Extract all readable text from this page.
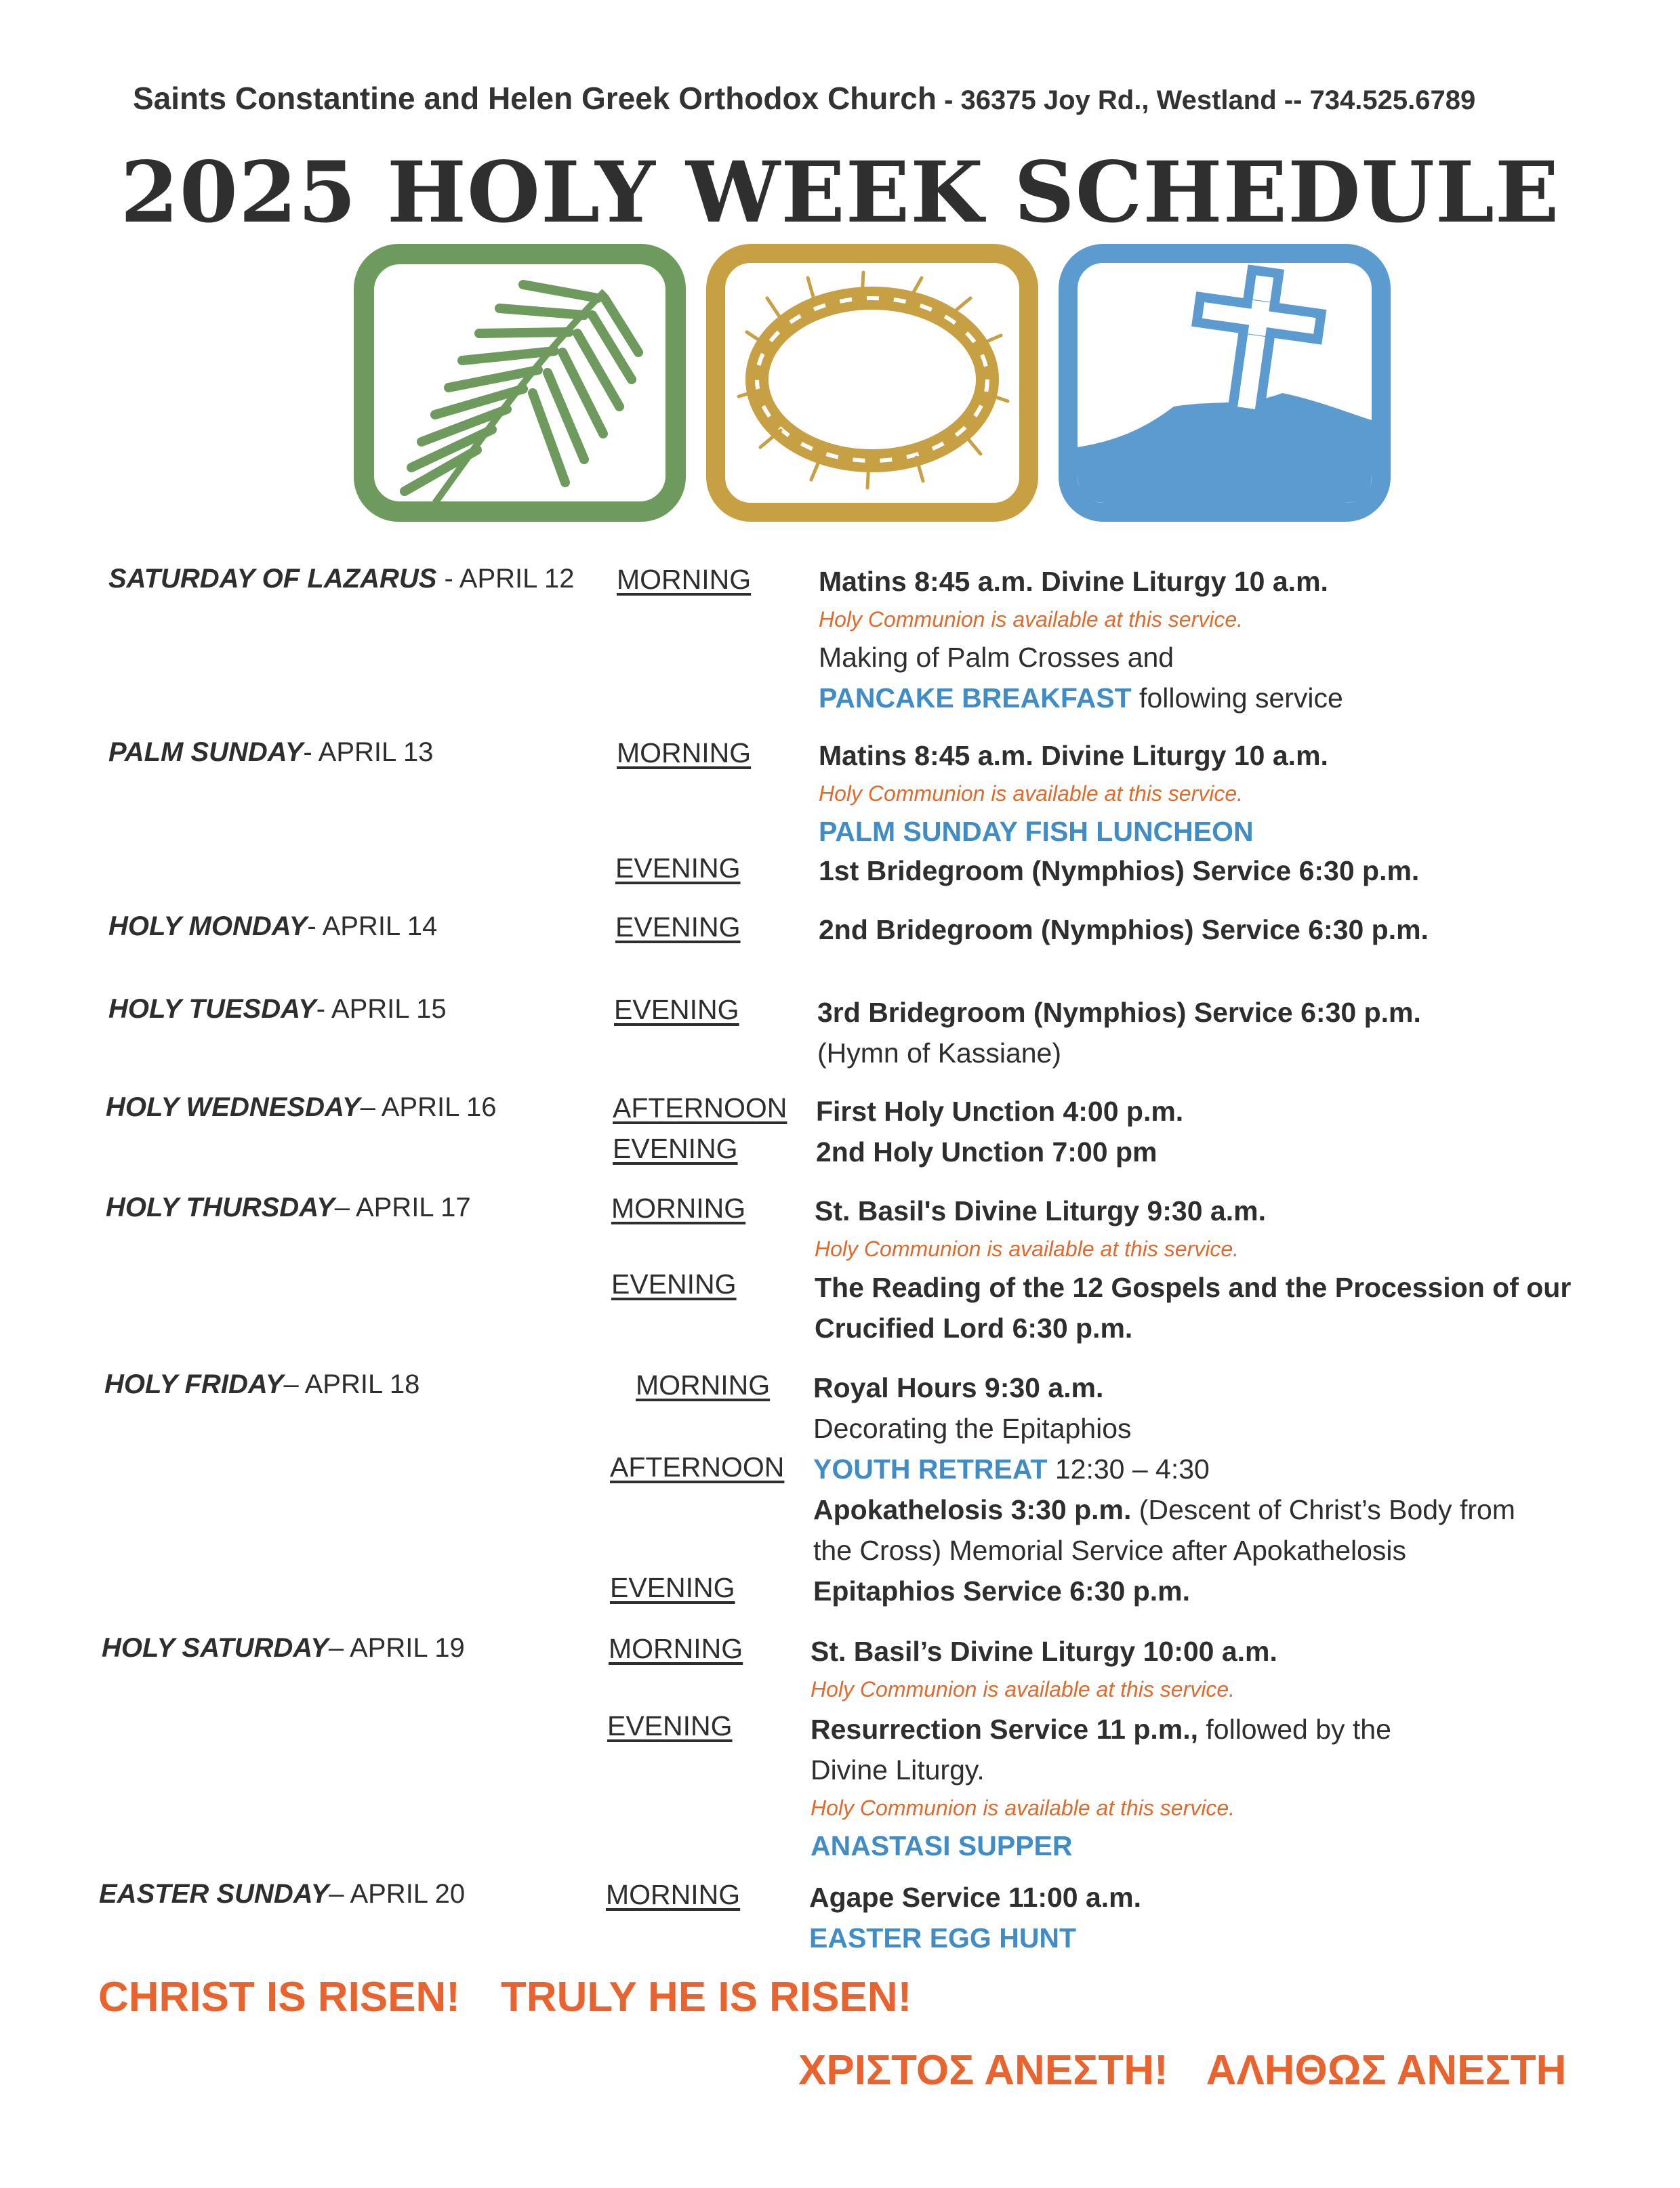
Saints Constantine and Helen Greek Orthodox Church - 36375 Joy Rd., Westland -- 734.525.6789
2025 HOLY WEEK SCHEDULE
SATURDAY OF LAZARUS - APRIL 12 MORNING Matins 8:45 a.m. Divine Liturgy 10 a.m.
Holy Communion is available at this service.
Making of Palm Crosses and
PANCAKE BREAKFAST following service
PALM SUNDAY- APRIL 13	MORNING Matins 8:45 a.m. Divine Liturgy 10 a.m.
Holy Communion is available at this service.
PALM SUNDAY FISH LUNCHEON
EVENING	1st Bridegroom (Nymphios) Service 6:30 p.m.
HOLY MONDAY- APRIL 14	EVENING	2nd Bridegroom (Nymphios) Service 6:30 p.m.
HOLY TUESDAY- APRIL 15	EVENING	3rd Bridegroom (Nymphios) Service 6:30 p.m.
(Hymn of Kassiane)
HOLY WEDNESDAY– APRIL 16	AFTERNOON First Holy Unction 4:00 p.m.
EVENING	2nd Holy Unction 7:00 pm
HOLY THURSDAY– APRIL 17	MORNING St. Basil's Divine Liturgy 9:30 a.m.
Holy Communion is available at this service.
EVENING	The Reading of the 12 Gospels and the Procession of our
Crucified Lord 6:30 p.m.
HOLY FRIDAY– APRIL 18	MORNING Royal Hours 9:30 a.m.
Decorating the Epitaphios
AFTERNOON YOUTH RETREAT 12:30 – 4:30
Apokathelosis 3:30 p.m. (Descent of Christ’s Body from
the Cross) Memorial Service after Apokathelosis
EVENING	Epitaphios Service 6:30 p.m.
HOLY SATURDAY– APRIL 19	MORNING St. Basil’s Divine Liturgy 10:00 a.m.
Holy Communion is available at this service.
EVENING	Resurrection Service 11 p.m., followed by the
Divine Liturgy.
Holy Communion is available at this service.
ANASTASI SUPPER
EASTER SUNDAY– APRIL 20	MORNING Agape Service 11:00 a.m.
EASTER EGG HUNT
CHRIST IS RISEN! TRULY HE IS RISEN!
ΧΡΙΣΤΟΣ ΑΝΕΣΤΗ! ΑΛΗΘΩΣ ΑΝΕΣΤΗ
